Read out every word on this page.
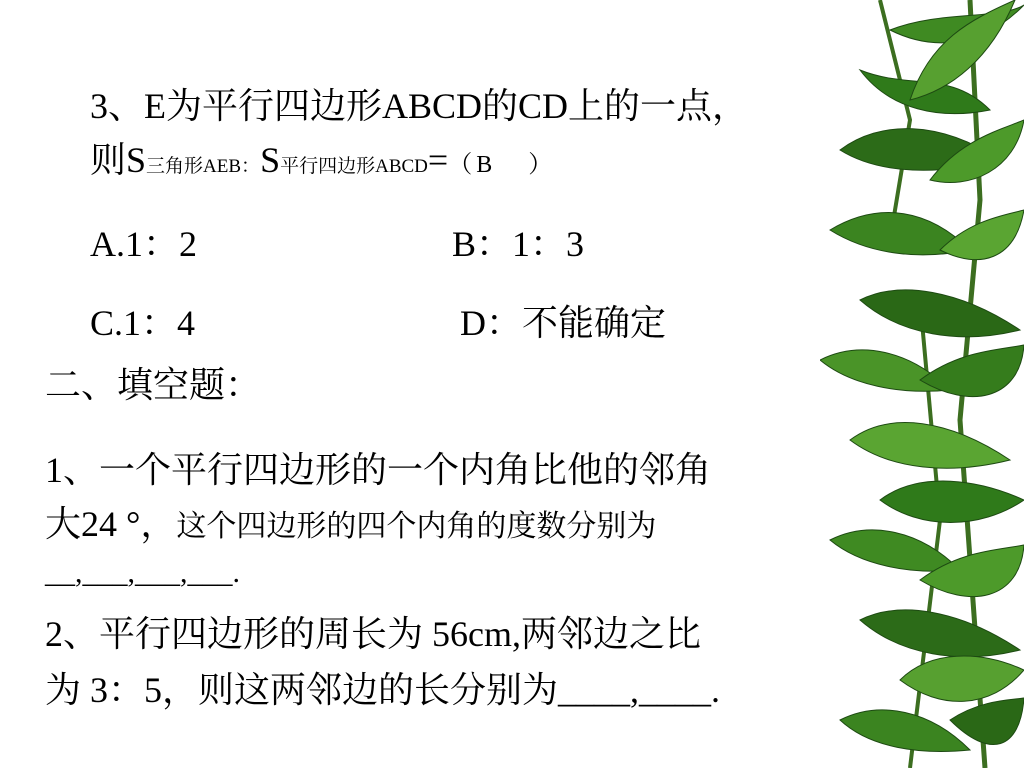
3、E为平行四边形ABCD的CD上的一点，
则S三角形AEB：S平行四边形ABCD=（ B ）
A.1：2	B：1：3
C.1：4	D：不能确定
二、填空题：
1、一个平行四边形的一个内角比他的邻角
大24 °，这个四边形的四个内角的度数分别为
__,___,___,___.
2、平行四边形的周长为 56cm,两邻边之比
为 3：5，则这两邻边的长分别为____,____.
